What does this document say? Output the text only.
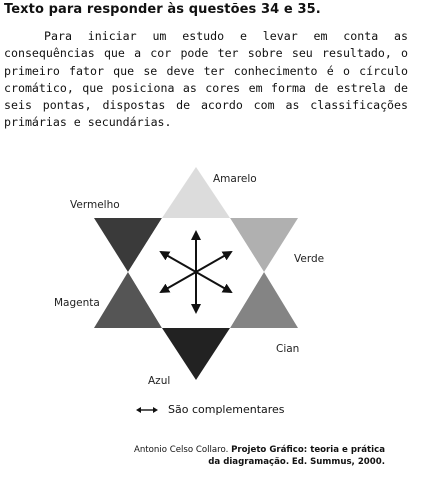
Texto para responder às questões 34 e 35.
Para iniciar um estudo e levar em conta as consequências que a cor pode ter sobre seu resultado, o primeiro fator que se deve ter conhecimento é o círculo cromático, que posiciona as cores em forma de estrela de seis pontas, dispostas de acordo com as classificações primárias e secundárias.
Amarelo
Vermelho
Verde
Magenta
Cian
Azul
São complementares
Antonio Celso Collaro. Projeto Gráfico: teoria e prática
da diagramação. Ed. Summus, 2000.
